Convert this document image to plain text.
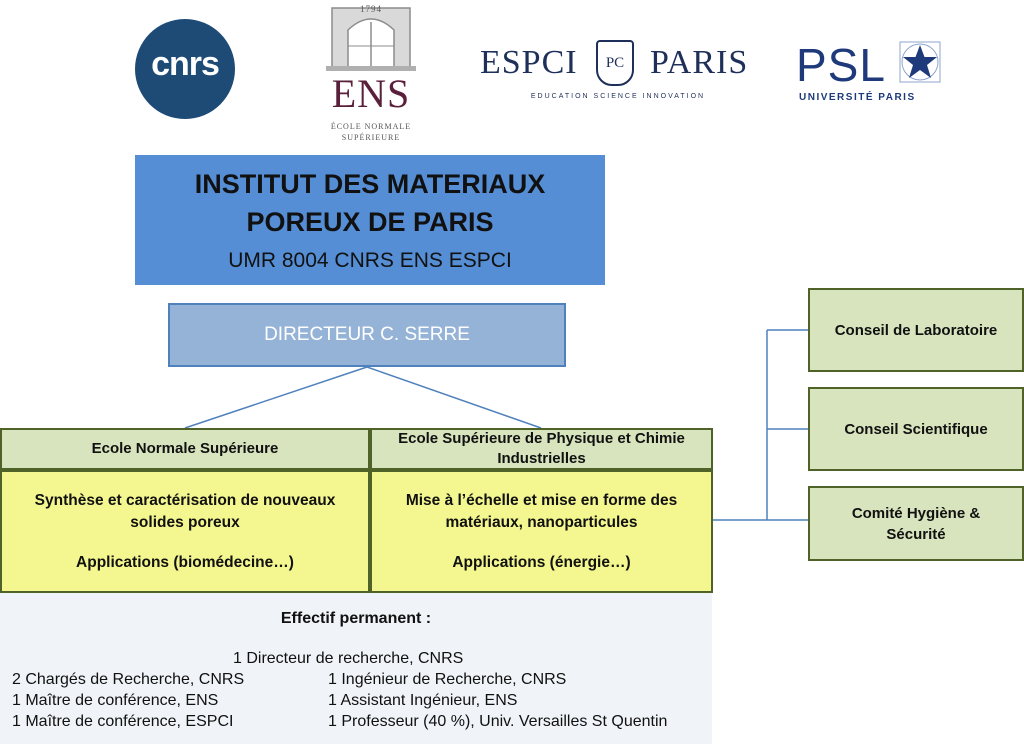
cnrs
1794
ENS
ÉCOLE NORMALE
SUPÉRIEURE
ESPCI	PC PARIS
EDUCATION SCIENCE INNOVATION
PSL
UNIVERSITÉ PARIS
INSTITUT DES MATERIAUX
POREUX DE PARIS
UMR 8004 CNRS ENS ESPCI
DIRECTEUR C. SERRE
Ecole Normale Supérieure
Ecole Supérieure de Physique et Chimie Industrielles
Synthèse et caractérisation de nouveaux solides poreux
Applications (biomédecine…)
Mise à l’échelle et mise en forme des matériaux, nanoparticules
Applications (énergie…)
Conseil de Laboratoire
Conseil Scientifique
Comité Hygiène & Sécurité
Effectif permanent :
1 Directeur de recherche, CNRS
2 Chargés de Recherche, CNRS
1 Maître de conférence, ENS
1 Maître de conférence, ESPCI
1 Ingénieur de Recherche, CNRS
1 Assistant Ingénieur, ENS
1 Professeur (40 %), Univ. Versailles St Quentin
